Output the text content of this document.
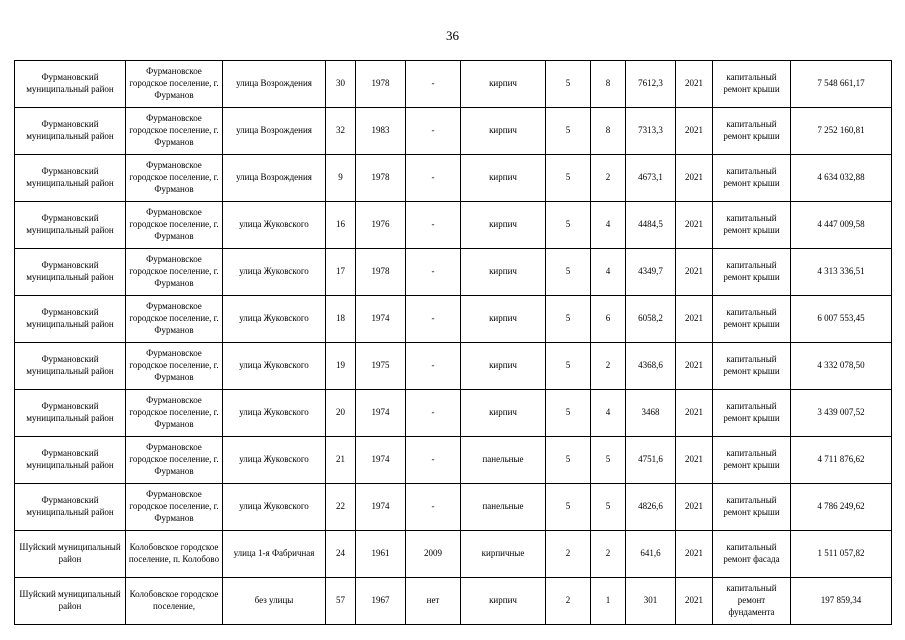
36
Фурмановский муниципальный район	Фурмановское городское поселение, г. Фурманов	улица Возрождения	30	1978	-	кирпич	5	8	7612,3	2021	капитальный ремонт крыши	7 548 661,17
Фурмановский муниципальный район	Фурмановское городское поселение, г. Фурманов	улица Возрождения	32	1983	-	кирпич	5	8	7313,3	2021	капитальный ремонт крыши	7 252 160,81
Фурмановский муниципальный район	Фурмановское городское поселение, г. Фурманов	улица Возрождения	9	1978	-	кирпич	5	2	4673,1	2021	капитальный ремонт крыши	4 634 032,88
Фурмановский муниципальный район	Фурмановское городское поселение, г. Фурманов	улица Жуковского	16	1976	-	кирпич	5	4	4484,5	2021	капитальный ремонт крыши	4 447 009,58
Фурмановский муниципальный район	Фурмановское городское поселение, г. Фурманов	улица Жуковского	17	1978	-	кирпич	5	4	4349,7	2021	капитальный ремонт крыши	4 313 336,51
Фурмановский муниципальный район	Фурмановское городское поселение, г. Фурманов	улица Жуковского	18	1974	-	кирпич	5	6	6058,2	2021	капитальный ремонт крыши	6 007 553,45
Фурмановский муниципальный район	Фурмановское городское поселение, г. Фурманов	улица Жуковского	19	1975	-	кирпич	5	2	4368,6	2021	капитальный ремонт крыши	4 332 078,50
Фурмановский муниципальный район	Фурмановское городское поселение, г. Фурманов	улица Жуковского	20	1974	-	кирпич	5	4	3468	2021	капитальный ремонт крыши	3 439 007,52
Фурмановский муниципальный район	Фурмановское городское поселение, г. Фурманов	улица Жуковского	21	1974	-	панельные	5	5	4751,6	2021	капитальный ремонт крыши	4 711 876,62
Фурмановский муниципальный район	Фурмановское городское поселение, г. Фурманов	улица Жуковского	22	1974	-	панельные	5	5	4826,6	2021	капитальный ремонт крыши	4 786 249,62
Шуйский муниципальный район	Колобовское городское поселение, п. Колобово	улица 1-я Фабричная	24	1961	2009	кирпичные	2	2	641,6	2021	капитальный ремонт фасада	1 511 057,82
Шуйский муниципальный район	Колобовское городское поселение,	без улицы	57	1967	нет	кирпич	2	1	301	2021	капитальный ремонт фундамента	197 859,34
